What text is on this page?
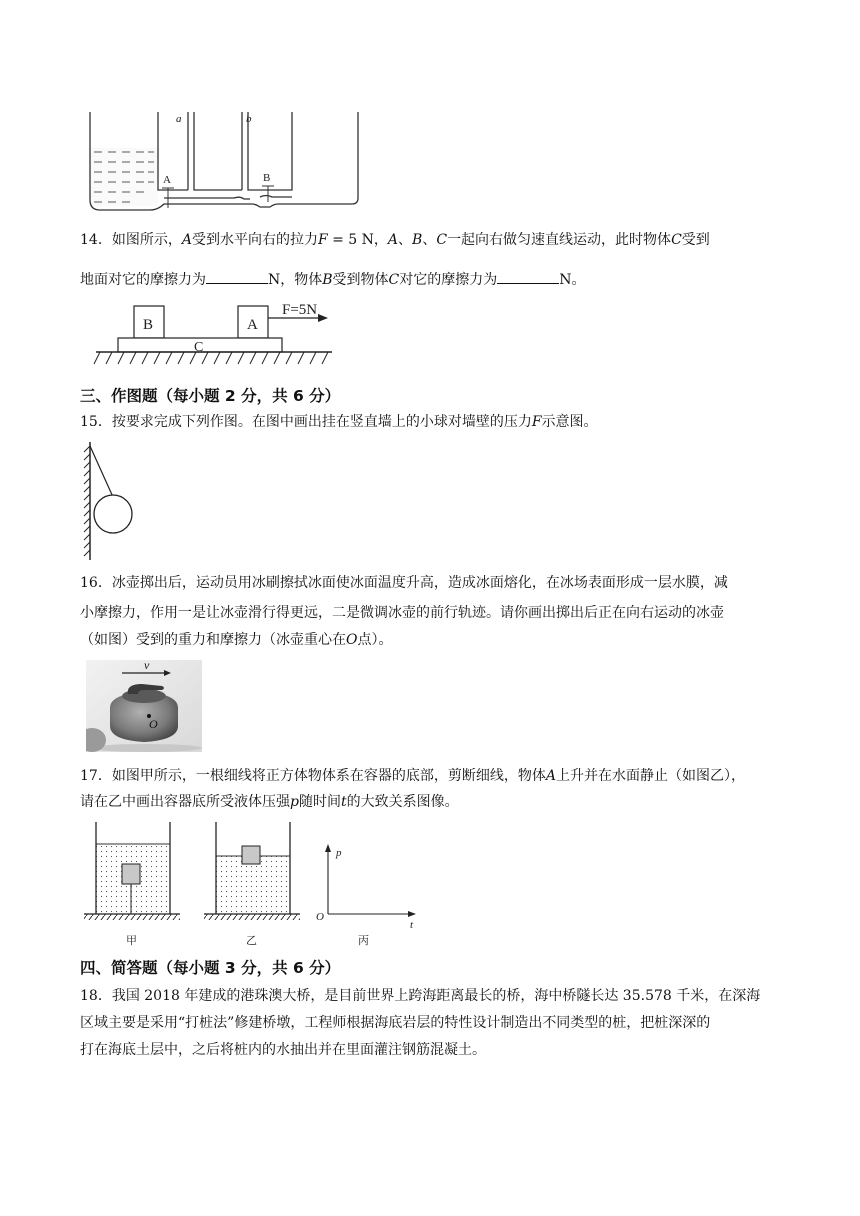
a	b
A	B
14．如图所示，A受到水平向右的拉力F = 5 N，A、B、C一起向右做匀速直线运动，此时物体C受到
地面对它的摩擦力为	N，物体B受到物体C对它的摩擦力为	N。
B	A
C
F=5N
三、作图题（每小题 2 分，共 6 分）
15．按要求完成下列作图。在图中画出挂在竖直墙上的小球对墙壁的压力F示意图。
16．冰壶掷出后，运动员用冰刷擦拭冰面使冰面温度升高，造成冰面熔化，在冰场表面形成一层水膜，减
小摩擦力，作用一是让冰壶滑行得更远，二是微调冰壶的前行轨迹。请你画出掷出后正在向右运动的冰壶
（如图）受到的重力和摩擦力（冰壶重心在O点）。
v
O
17．如图甲所示，一根细线将正方体物体系在容器的底部，剪断细线，物体A上升并在水面静止（如图乙），
请在乙中画出容器底所受液体压强p随时间t的大致关系图像。
p
t
O
甲	乙	丙
四、简答题（每小题 3 分，共 6 分）
18．我国 2018 年建成的港珠澳大桥，是目前世界上跨海距离最长的桥，海中桥隧长达 35.578 千米，在深海
区域主要是采用“打桩法”修建桥墩，工程师根据海底岩层的特性设计制造出不同类型的桩，把桩深深的
打在海底土层中，之后将桩内的水抽出并在里面灌注钢筋混凝土。
